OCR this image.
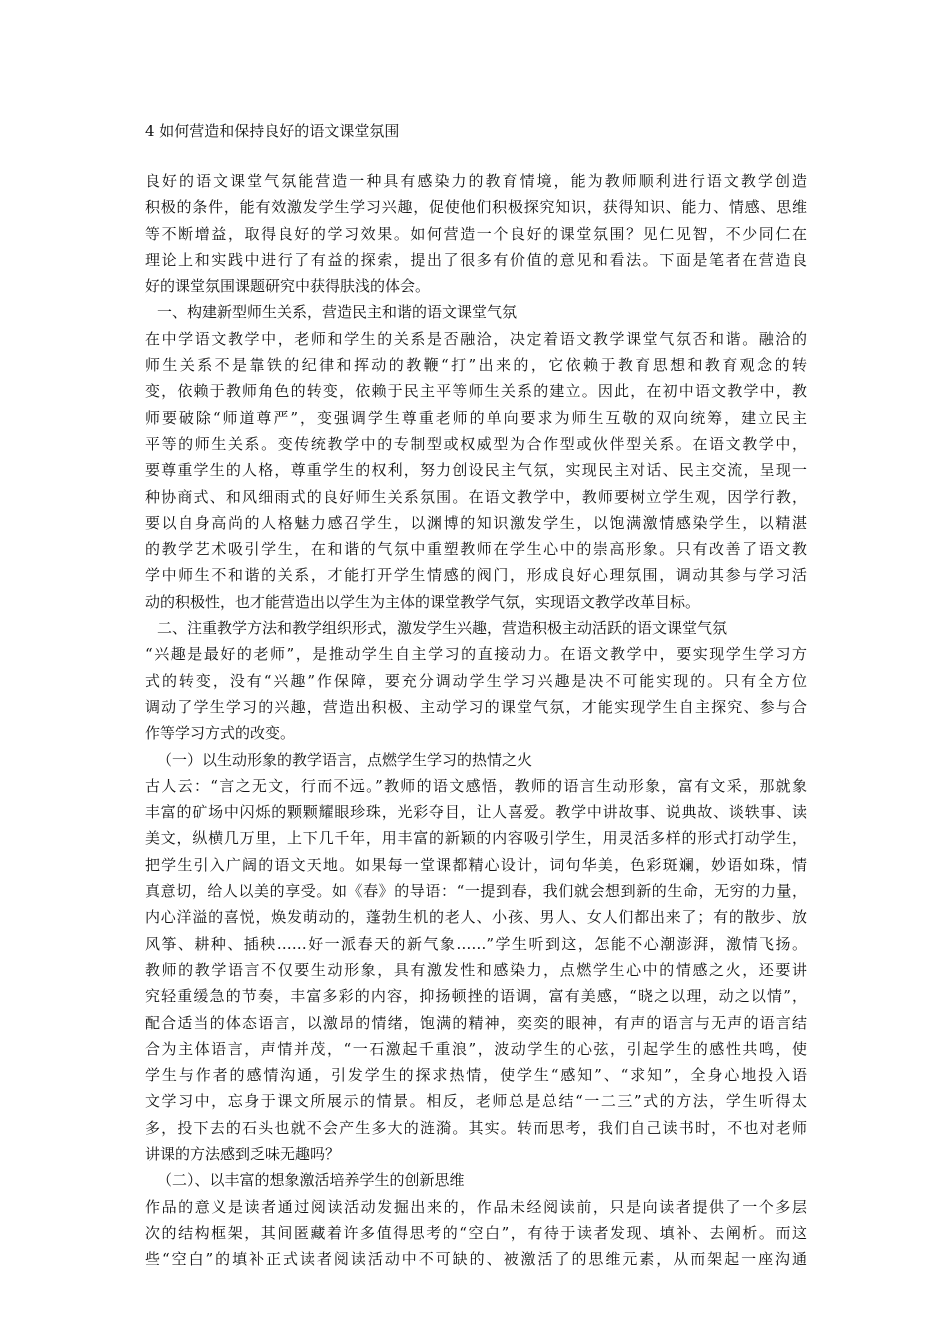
4 如何营造和保持良好的语文课堂氛围
良好的语文课堂气氛能营造一种具有感染力的教育情境，能为教师顺利进行语文教学创造
积极的条件，能有效激发学生学习兴趣，促使他们积极探究知识，获得知识、能力、情感、思维
等不断增益，取得良好的学习效果。如何营造一个良好的课堂氛围？见仁见智，不少同仁在
理论上和实践中进行了有益的探索，提出了很多有价值的意见和看法。下面是笔者在营造良
好的课堂氛围课题研究中获得肤浅的体会。
一、构建新型师生关系，营造民主和谐的语文课堂气氛
在中学语文教学中，老师和学生的关系是否融洽，决定着语文教学课堂气氛否和谐。融洽的
师生关系不是靠铁的纪律和挥动的教鞭“打”出来的，它依赖于教育思想和教育观念的转
变，依赖于教师角色的转变，依赖于民主平等师生关系的建立。因此，在初中语文教学中，教
师要破除“师道尊严”，变强调学生尊重老师的单向要求为师生互敬的双向统筹，建立民主
平等的师生关系。变传统教学中的专制型或权威型为合作型或伙伴型关系。在语文教学中，
要尊重学生的人格，尊重学生的权利，努力创设民主气氛，实现民主对话、民主交流，呈现一
种协商式、和风细雨式的良好师生关系氛围。在语文教学中，教师要树立学生观，因学行教，
要以自身高尚的人格魅力感召学生，以渊博的知识激发学生，以饱满激情感染学生，以精湛
的教学艺术吸引学生，在和谐的气氛中重塑教师在学生心中的崇高形象。只有改善了语文教
学中师生不和谐的关系，才能打开学生情感的阀门，形成良好心理氛围，调动其参与学习活
动的积极性，也才能营造出以学生为主体的课堂教学气氛，实现语文教学改革目标。
二、注重教学方法和教学组织形式，激发学生兴趣，营造积极主动活跃的语文课堂气氛
“兴趣是最好的老师”，是推动学生自主学习的直接动力。在语文教学中，要实现学生学习方
式的转变，没有“兴趣”作保障，要充分调动学生学习兴趣是决不可能实现的。只有全方位
调动了学生学习的兴趣，营造出积极、主动学习的课堂气氛，才能实现学生自主探究、参与合
作等学习方式的改变。
（一）以生动形象的教学语言，点燃学生学习的热情之火
古人云：“言之无文，行而不远。”教师的语文感悟，教师的语言生动形象，富有文采，那就象
丰富的矿场中闪烁的颗颗耀眼珍珠，光彩夺目，让人喜爱。教学中讲故事、说典故、谈轶事、读
美文，纵横几万里，上下几千年，用丰富的新颖的内容吸引学生，用灵活多样的形式打动学生，
把学生引入广阔的语文天地。如果每一堂课都精心设计，词句华美，色彩斑斓，妙语如珠，情
真意切，给人以美的享受。如《春》的导语：“一提到春，我们就会想到新的生命，无穷的力量，
内心洋溢的喜悦，焕发萌动的，蓬勃生机的老人、小孩、男人、女人们都出来了；有的散步、放
风筝、耕种、插秧……好一派春天的新气象……”学生听到这，怎能不心潮澎湃，激情飞扬。
教师的教学语言不仅要生动形象，具有激发性和感染力，点燃学生心中的情感之火，还要讲
究轻重缓急的节奏，丰富多彩的内容，抑扬顿挫的语调，富有美感，“晓之以理，动之以情”，
配合适当的体态语言，以激昂的情绪，饱满的精神，奕奕的眼神，有声的语言与无声的语言结
合为主体语言，声情并茂，“一石激起千重浪”，波动学生的心弦，引起学生的感性共鸣，使
学生与作者的感情沟通，引发学生的探求热情，使学生“感知”、“求知”，全身心地投入语
文学习中，忘身于课文所展示的情景。相反，老师总是总结“一二三”式的方法，学生听得太
多，投下去的石头也就不会产生多大的涟漪。其实。转而思考，我们自己读书时，不也对老师
讲课的方法感到乏味无趣吗？
（二）、以丰富的想象激活培养学生的创新思维
作品的意义是读者通过阅读活动发掘出来的，作品未经阅读前，只是向读者提供了一个多层
次的结构框架，其间匿藏着许多值得思考的“空白”，有待于读者发现、填补、去阐析。而这
些“空白”的填补正式读者阅读活动中不可缺的、被激活了的思维元素，从而架起一座沟通
